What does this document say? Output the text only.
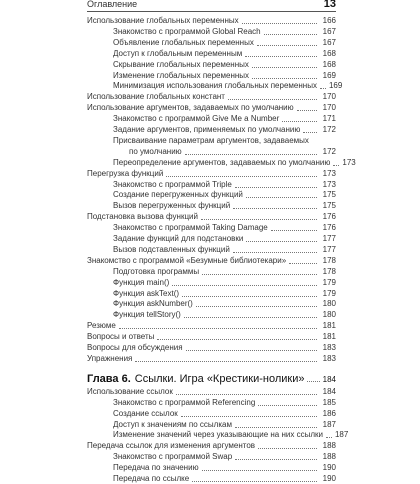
Оглавление	13
Использование глобальных переменных	166
Знакомство с программой Global Reach	167
Объявление глобальных переменных	167
Доступ к глобальным переменным	168
Скрывание глобальных переменных	168
Изменение глобальных переменных	169
Минимизация использования глобальных переменных 169
Использование глобальных констант	170
Использование аргументов, задаваемых по умолчанию	170
Знакомство с программой Give Me a Number	171
Задание аргументов, применяемых по умолчанию	172
Присваивание параметрам аргументов, задаваемых
по умолчанию	172
Переопределение аргументов, задаваемых по умолчанию 173
Перегрузка функций	173
Знакомство с программой Triple	173
Создание перегруженных функций	175
Вызов перегруженных функций	175
Подстановка вызова функций	176
Знакомство с программой Taking Damage	176
Задание функций для подстановки	177
Вызов подставленных функций	177
Знакомство с программой «Безумные библиотекари»	178
Подготовка программы	178
Функция main()	179
Функция askText()	179
Функция askNumber()	180
Функция tellStory()	180
Резюме	181
Вопросы и ответы	181
Вопросы для обсуждения	183
Упражнения	183
Глава 6. Ссылки. Игра «Крестики-нолики» 184
Использование ссылок	184
Знакомство с программой Referencing	185
Создание ссылок	186
Доступ к значениям по ссылкам	187
Изменение значений через указывающие на них ссылки 187
Передача ссылок для изменения аргументов	188
Знакомство с программой Swap	188
Передача по значению	190
Передача по ссылке	190
